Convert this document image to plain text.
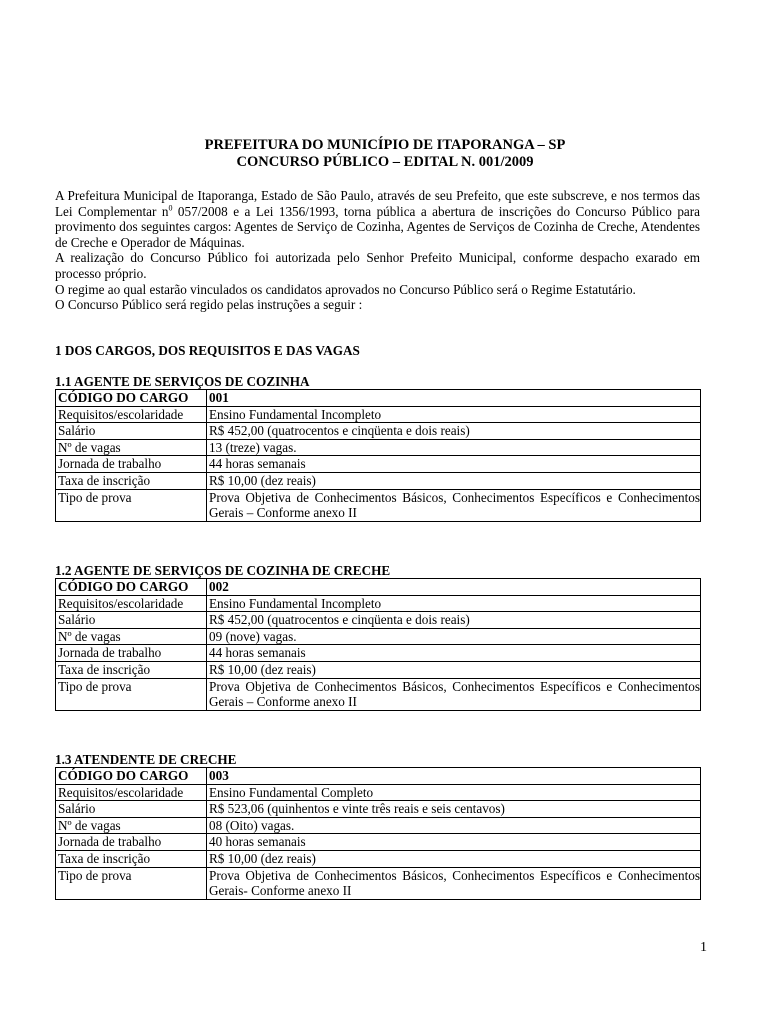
PREFEITURA DO MUNICÍPIO DE ITAPORANGA – SP
CONCURSO PÚBLICO – EDITAL N. 001/2009

A Prefeitura Municipal de Itaporanga, Estado de São Paulo, através de seu Prefeito, que este subscreve, e nos termos das Lei Complementar $n^0$ 057/2008 e a Lei 1356/1993, torna pública a abertura de inscrições do Concurso Público para provimento dos seguintes cargos: Agentes de Serviço de Cozinha, Agentes de Serviços de Cozinha de Creche, Atendentes de Creche e Operador de Máquinas.

A realização do Concurso Público foi autorizada pelo Senhor Prefeito Municipal, conforme despacho exarado em processo próprio.

O regime ao qual estarão vinculados os candidatos aprovados no Concurso Público será o Regime Estatutário.

O Concurso Público será regido pelas instruções a seguir :

1 DOS CARGOS, DOS REQUISITOS E DAS VAGAS
1.1 AGENTE DE SERVIÇOS DE COZINHA
CÓDIGO DO CARGO	001
Requisitos/escolaridade	Ensino Fundamental Incompleto
Salário	R$ 452,00 (quatrocentos e cinqüenta e dois reais)
Nº de vagas	13 (treze) vagas.
Jornada de trabalho	44 horas semanais
Taxa de inscrição	R$ 10,00 (dez reais)
Tipo de prova	Prova Objetiva de Conhecimentos Básicos, Conhecimentos Específicos e Conhecimentos Gerais – Conforme anexo II
1.2 AGENTE DE SERVIÇOS DE COZINHA DE CRECHE
CÓDIGO DO CARGO	002
Requisitos/escolaridade	Ensino Fundamental Incompleto
Salário	R$ 452,00 (quatrocentos e cinqüenta e dois reais)
Nº de vagas	09 (nove) vagas.
Jornada de trabalho	44 horas semanais
Taxa de inscrição	R$ 10,00 (dez reais)
Tipo de prova	Prova Objetiva de Conhecimentos Básicos, Conhecimentos Específicos e Conhecimentos Gerais – Conforme anexo II
1.3 ATENDENTE DE CRECHE
CÓDIGO DO CARGO	003
Requisitos/escolaridade	Ensino Fundamental Completo
Salário	R$ 523,06 (quinhentos e vinte três reais e seis centavos)
Nº de vagas	08 (Oito) vagas.
Jornada de trabalho	40 horas semanais
Taxa de inscrição	R$ 10,00 (dez reais)
Tipo de prova	Prova Objetiva de Conhecimentos Básicos, Conhecimentos Específicos e Conhecimentos Gerais- Conforme anexo II
1
